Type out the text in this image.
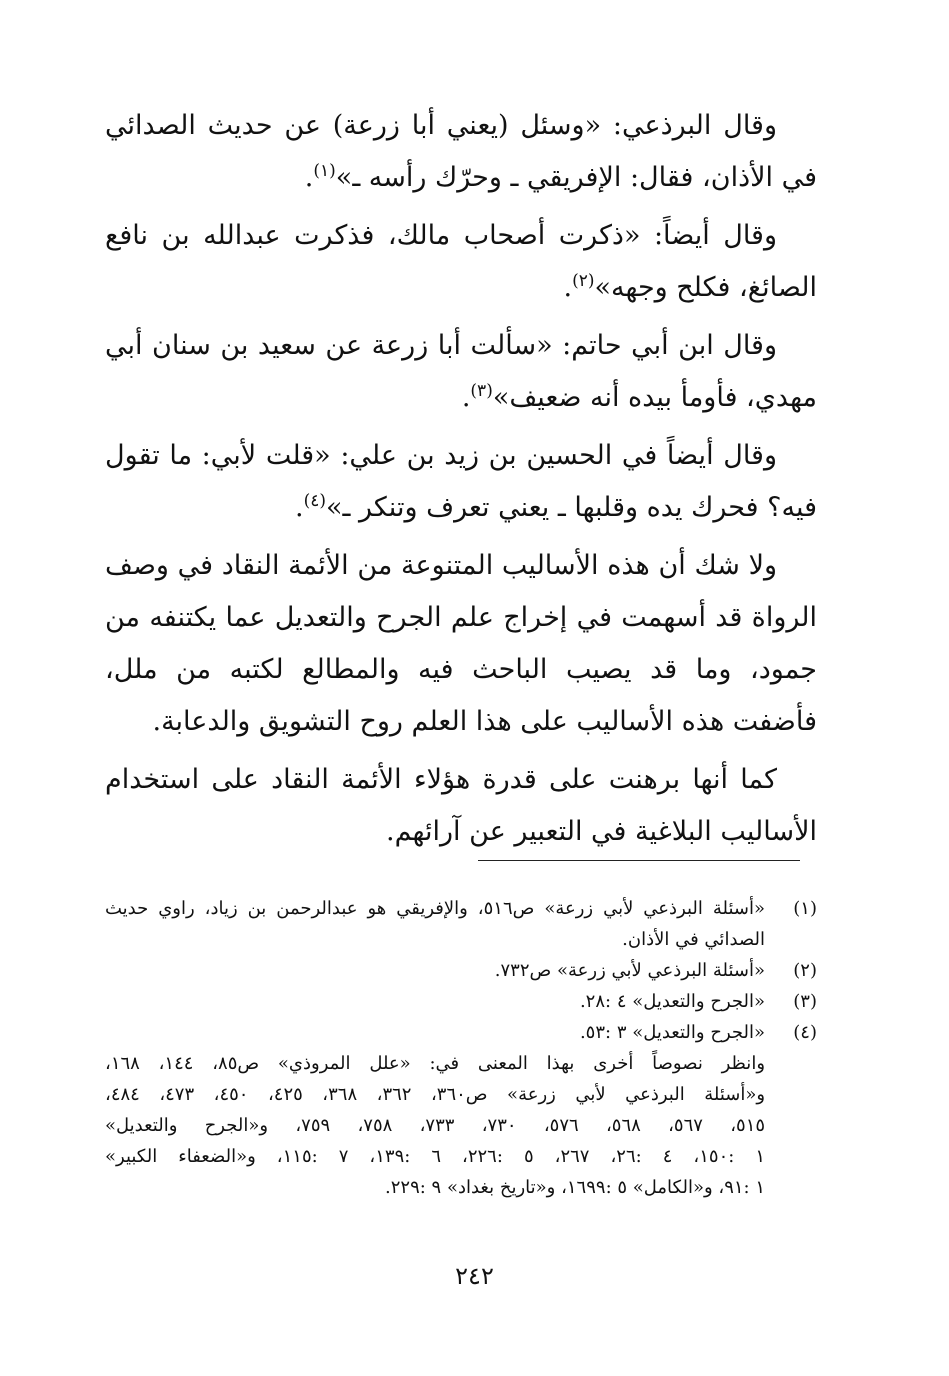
وقال البرذعي: «وسئل (يعني أبا زرعة) عن حديث الصدائي في الأذان، فقال: الإفريقي ـ وحرّك رأسه ـ»$^{(١)}$.

وقال أيضاً: «ذكرت أصحاب مالك، فذكرت عبدالله بن نافع الصائغ، فكلح وجهه»$^{(٢)}$.

وقال ابن أبي حاتم: «سألت أبا زرعة عن سعيد بن سنان أبي مهدي، فأومأ بيده أنه ضعيف»$^{(٣)}$.

وقال أيضاً في الحسين بن زيد بن علي: «قلت لأبي: ما تقول فيه؟ فحرك يده وقلبها ـ يعني تعرف وتنكر ـ»$^{(٤)}$.

ولا شك أن هذه الأساليب المتنوعة من الأئمة النقاد في وصف الرواة قد أسهمت في إخراج علم الجرح والتعديل عما يكتنفه من جمود، وما قد يصيب الباحث فيه والمطالع لكتبه من ملل، فأضفت هذه الأساليب على هذا العلم روح التشويق والدعابة.

كما أنها برهنت على قدرة هؤلاء الأئمة النقاد على استخدام الأساليب البلاغية في التعبير عن آرائهم.

(١)
«أسئلة البرذعي لأبي زرعة» ص٥١٦، والإفريقي هو عبدالرحمن بن زياد، راوي حديث الصدائي في الأذان.
(٢)
«أسئلة البرذعي لأبي زرعة» ص٧٣٢.
(٣)
«الجرح والتعديل» ٤ :٢٨.
(٤)
«الجرح والتعديل» ٣ :٥٣.
وانظر نصوصاً أخرى بهذا المعنى في: «علل المروذي» ص٨٥، ١٤٤، ١٦٨،
و«أسئلة البرذعي لأبي زرعة» ص٣٦٠، ٣٦٢، ٣٦٨، ٤٢٥، ٤٥٠، ٤٧٣، ٤٨٤،
٥١٥، ٥٦٧، ٥٦٨، ٥٧٦، ٧٣٠، ٧٣٣، ٧٥٨، ٧٥٩، و«الجرح والتعديل»
١ :١٥٠، ٤ :٢٦، ٢٦٧، ٥ :٢٢٦، ٦ :١٣٩، ٧ :١١٥، و«الضعفاء الكبير»
١ :٩١، و«الكامل» ٥ :١٦٩٩، و«تاريخ بغداد» ٩ :٢٢٩.
٢٤٢
